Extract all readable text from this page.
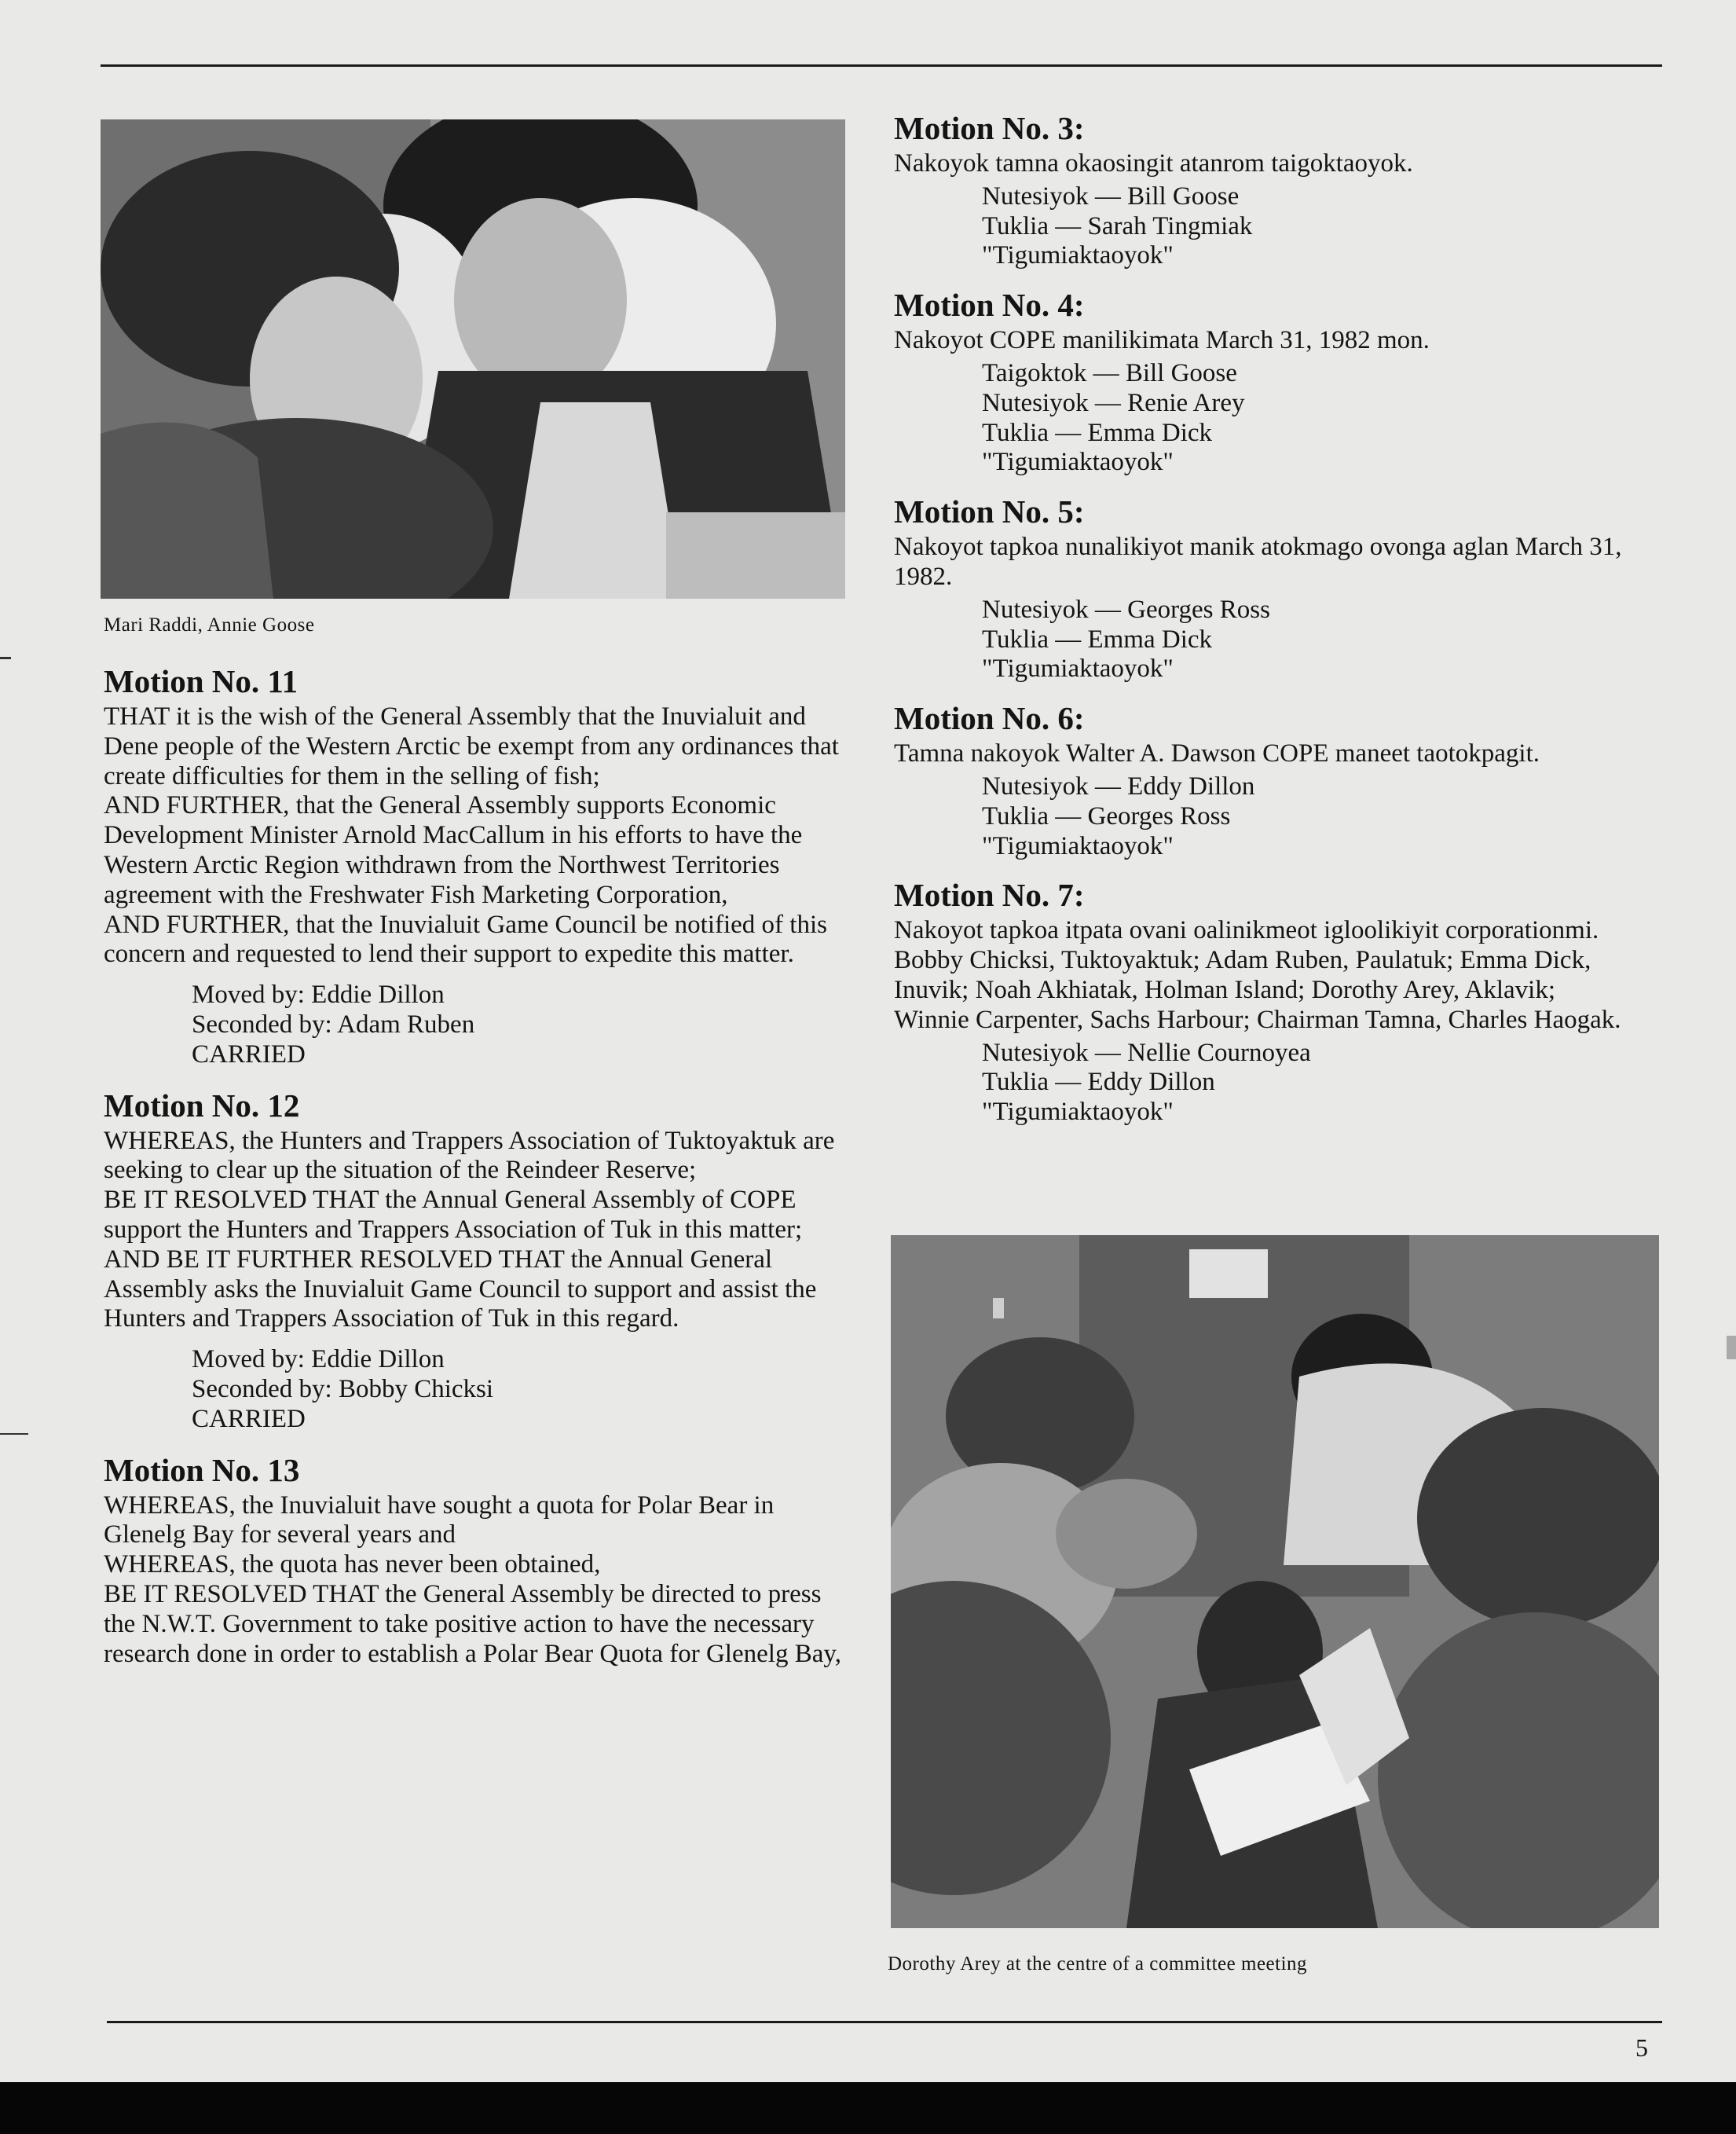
Mari Raddi, Annie Goose
Motion No. 11

THAT it is the wish of the General Assembly that the Inuvialuit and Dene people of the Western Arctic be exempt from any ordinances that create difficulties for them in the selling of fish;

AND FURTHER, that the General Assembly supports Economic Development Minister Arnold MacCallum in his efforts to have the Western Arctic Region withdrawn from the Northwest Territories agreement with the Freshwater Fish Marketing Corporation,

AND FURTHER, that the Inuvialuit Game Council be notified of this concern and requested to lend their support to expedite this matter.

Moved by: Eddie Dillon
Seconded by: Adam Ruben
CARRIED
Motion No. 12

WHEREAS, the Hunters and Trappers Association of Tuktoyaktuk are seeking to clear up the situation of the Reindeer Reserve;

BE IT RESOLVED THAT the Annual General Assembly of COPE support the Hunters and Trappers Association of Tuk in this matter;

AND BE IT FURTHER RESOLVED THAT the Annual General Assembly asks the Inuvialuit Game Council to support and assist the Hunters and Trappers Association of Tuk in this regard.

Moved by: Eddie Dillon
Seconded by: Bobby Chicksi
CARRIED
Motion No. 13

WHEREAS, the Inuvialuit have sought a quota for Polar Bear in Glenelg Bay for several years and

WHEREAS, the quota has never been obtained,

BE IT RESOLVED THAT the General Assembly be directed to press the N.W.T. Government to take positive action to have the necessary research done in order to establish a Polar Bear Quota for Glenelg Bay,

Motion No. 3:

Nakoyok tamna okaosingit atanrom taigoktaoyok.

Nutesiyok — Bill Goose
Tuklia — Sarah Tingmiak
"Tigumiaktaoyok"
Motion No. 4:

Nakoyot COPE manilikimata March 31, 1982 mon.

Taigoktok — Bill Goose
Nutesiyok — Renie Arey
Tuklia — Emma Dick
"Tigumiaktaoyok"
Motion No. 5:

Nakoyot tapkoa nunalikiyot manik atokmago ovonga aglan March 31, 1982.

Nutesiyok — Georges Ross
Tuklia — Emma Dick
"Tigumiaktaoyok"
Motion No. 6:

Tamna nakoyok Walter A. Dawson COPE maneet taotokpagit.

Nutesiyok — Eddy Dillon
Tuklia — Georges Ross
"Tigumiaktaoyok"
Motion No. 7:

Nakoyot tapkoa itpata ovani oalinikmeot igloolikiyit corporationmi. Bobby Chicksi, Tuktoyaktuk; Adam Ruben, Paulatuk; Emma Dick, Inuvik; Noah Akhiatak, Holman Island; Dorothy Arey, Aklavik; Winnie Carpenter, Sachs Harbour; Chairman Tamna, Charles Haogak.

Nutesiyok — Nellie Cournoyea
Tuklia — Eddy Dillon
"Tigumiaktaoyok"
Dorothy Arey at the centre of a committee meeting
5
